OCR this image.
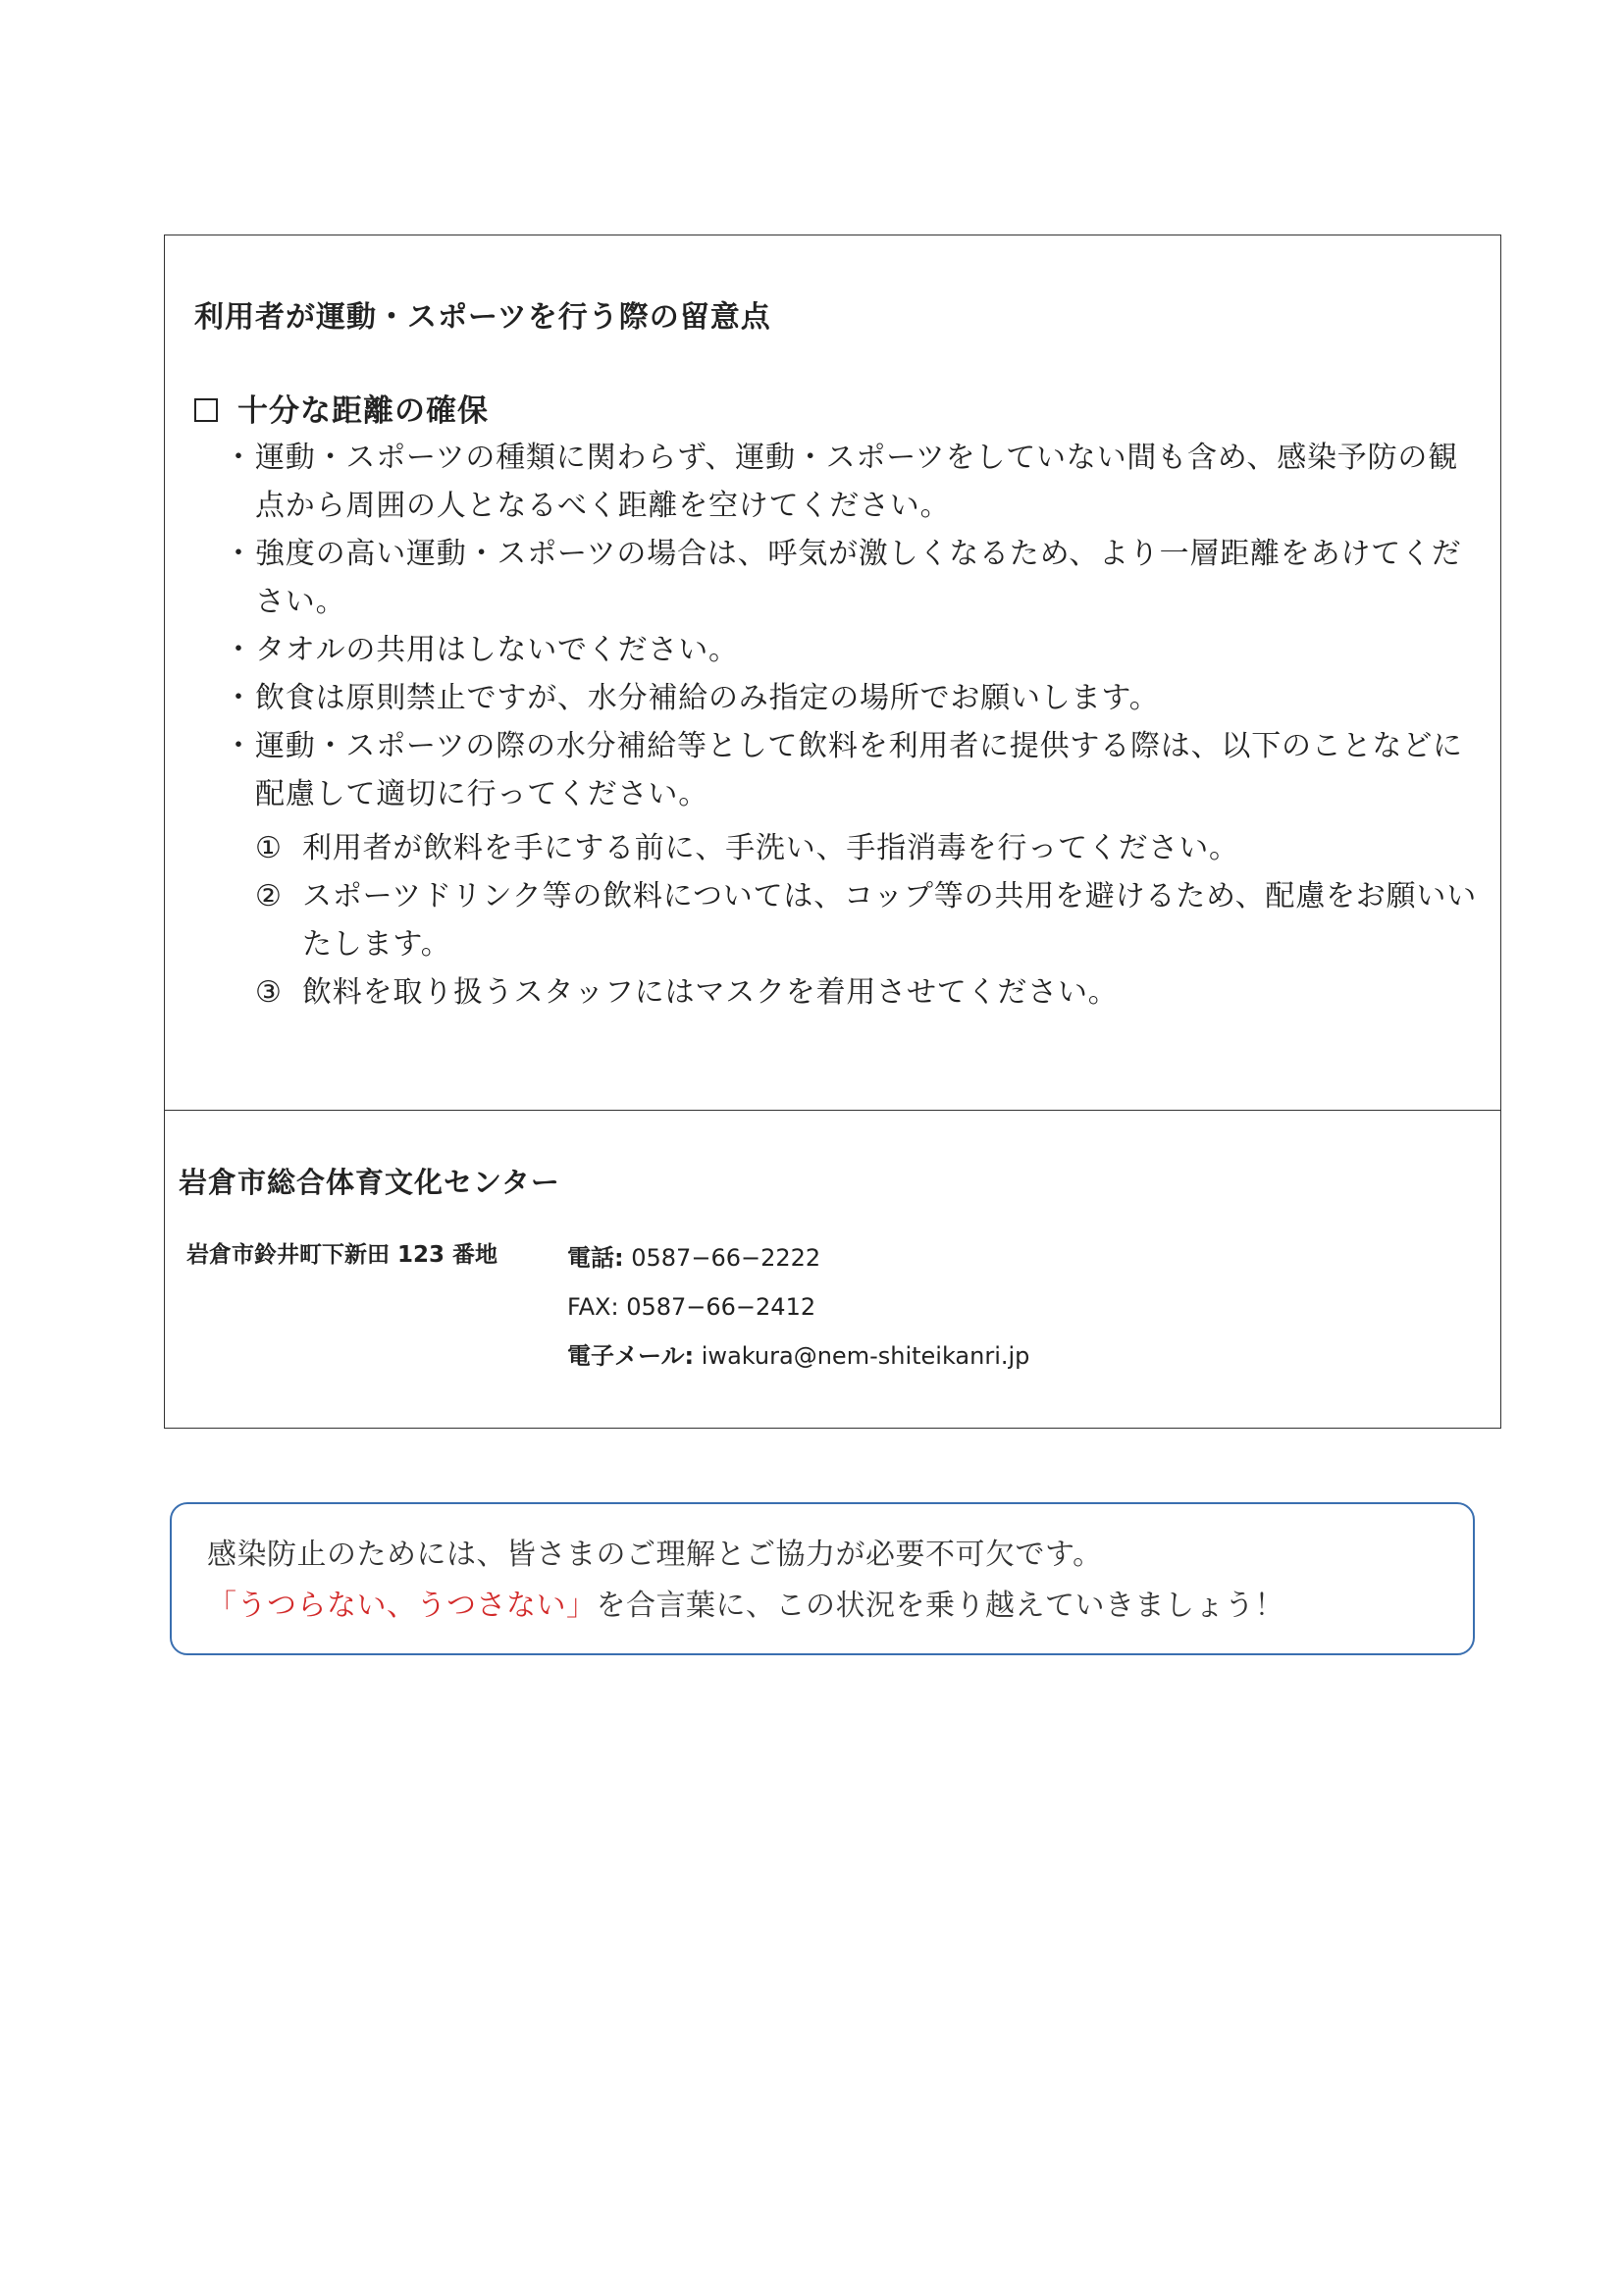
利用者が運動・スポーツを行う際の留意点
十分な距離の確保
・運動・スポーツの種類に関わらず、運動・スポーツをしていない間も含め、感染予防の観点から周囲の人となるべく距離を空けてください。
・強度の高い運動・スポーツの場合は、呼気が激しくなるため、より一層距離をあけてください。
・タオルの共用はしないでください。
・飲食は原則禁止ですが、水分補給のみ指定の場所でお願いします。
・運動・スポーツの際の水分補給等として飲料を利用者に提供する際は、以下のことなどに配慮して適切に行ってください。
① 利用者が飲料を手にする前に、手洗い、手指消毒を行ってください。
② スポーツドリンク等の飲料については、コップ等の共用を避けるため、配慮をお願いいたします。
③ 飲料を取り扱うスタッフにはマスクを着用させてください。
岩倉市総合体育文化センター
岩倉市鈴井町下新田 123 番地	電話: 0587−66−2222
FAX: 0587−66−2412
電子メール: iwakura@nem-shiteikanri.jp
感染防止のためには、皆さまのご理解とご協力が必要不可欠です。
「うつらない、うつさない」を合言葉に、この状況を乗り越えていきましょう！
